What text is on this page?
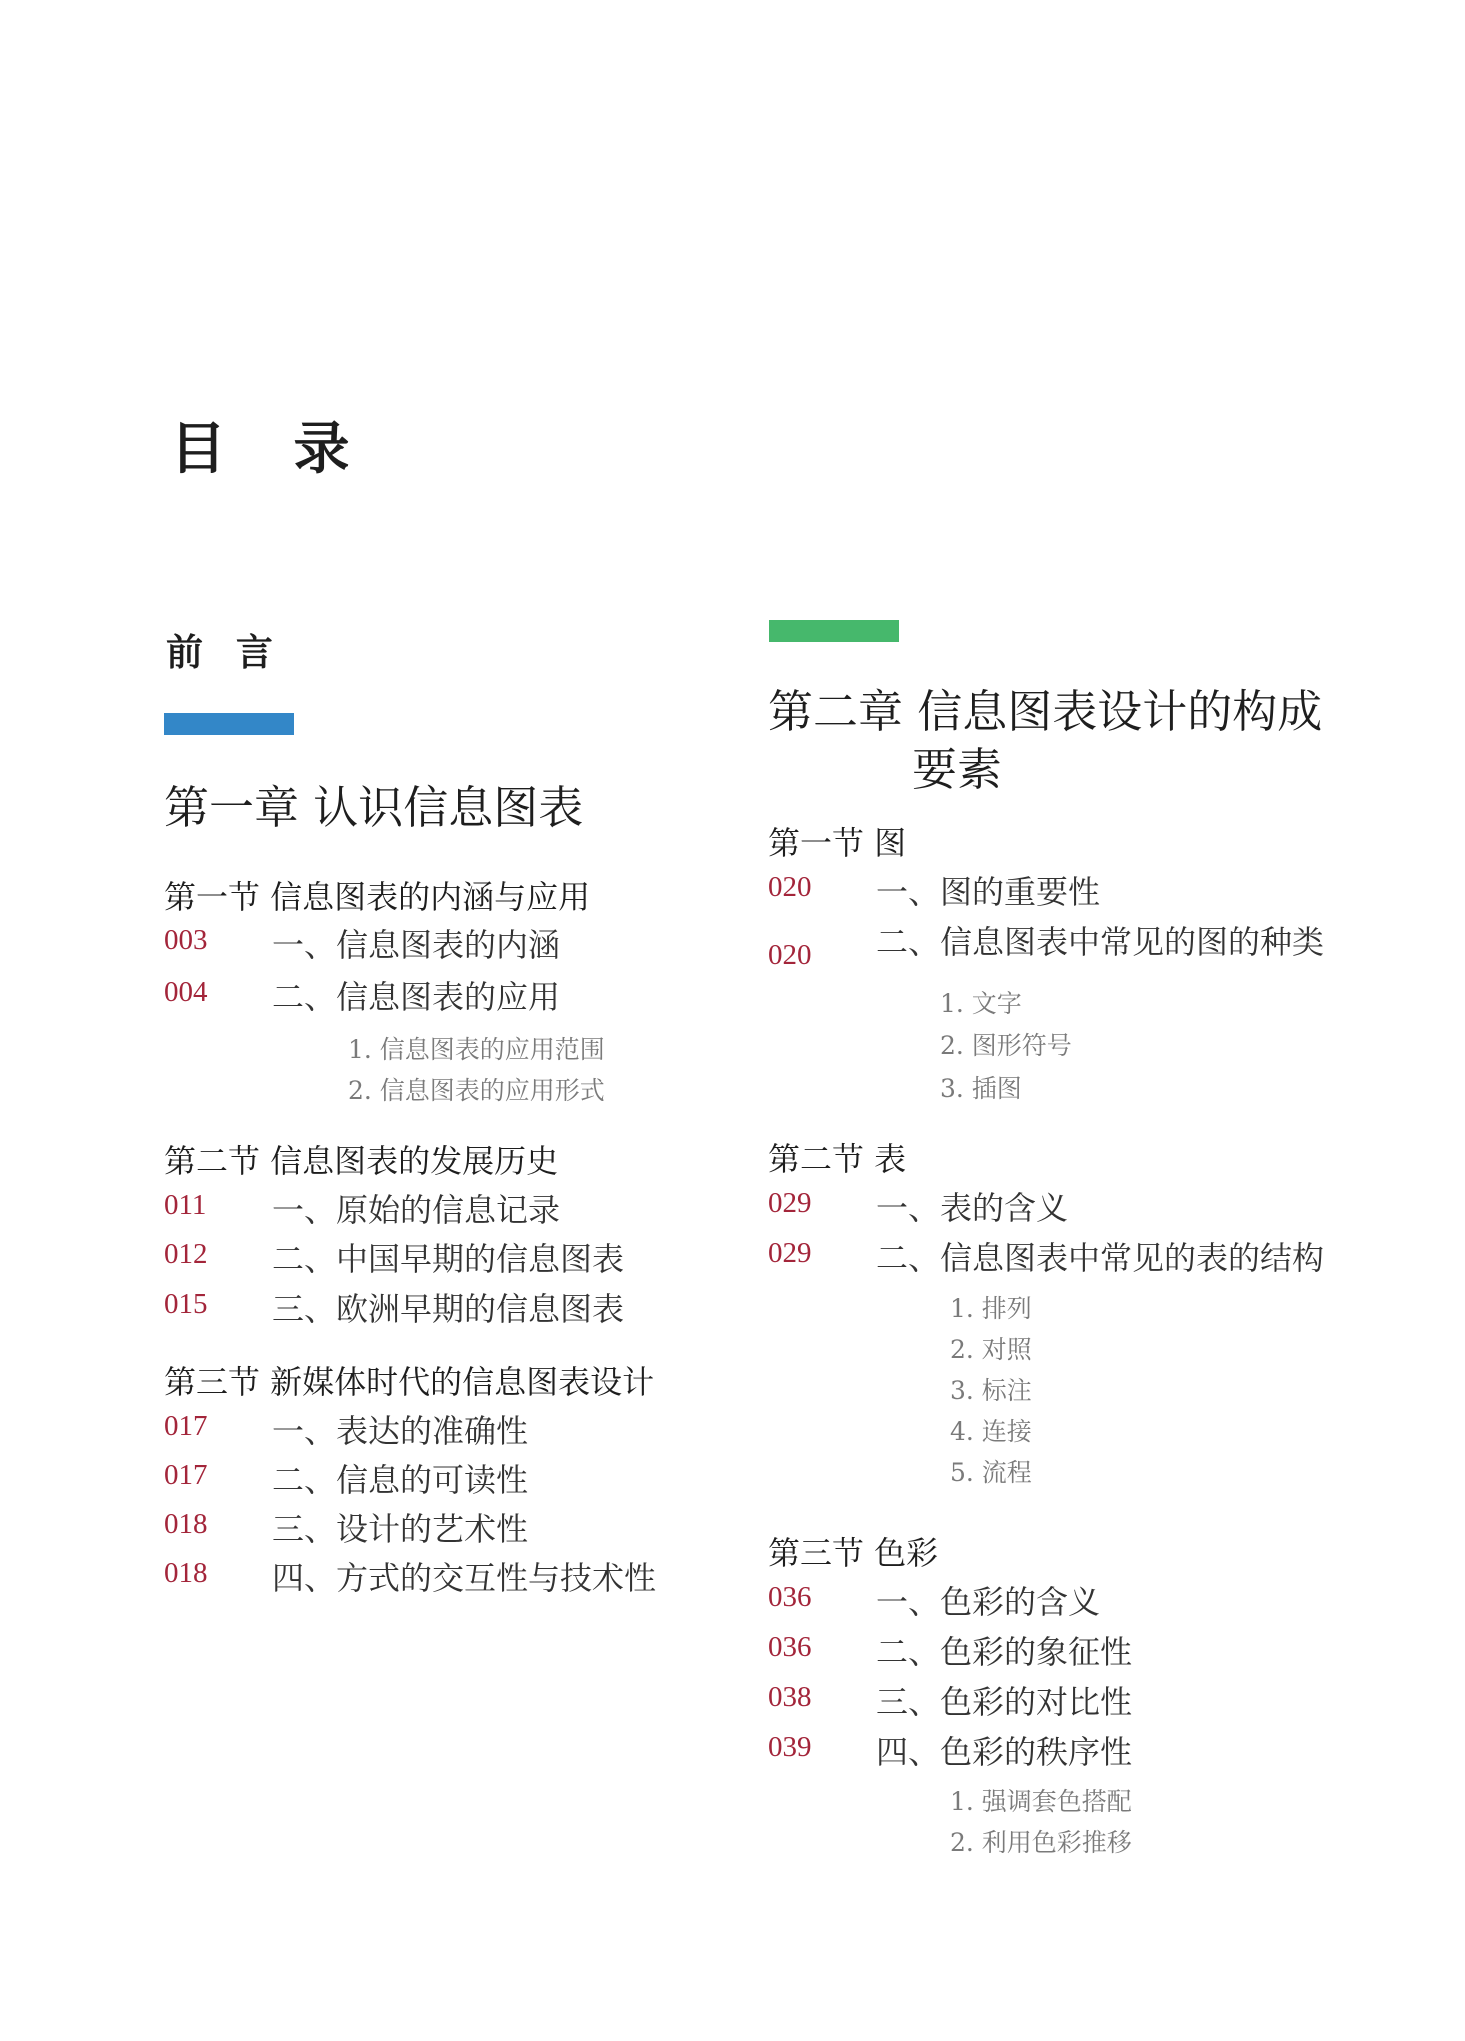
目 录
前 言
第一章 认识信息图表
第一节 信息图表的内涵与应用
003 一、信息图表的内涵
004 二、信息图表的应用
1. 信息图表的应用范围
2. 信息图表的应用形式
第二节 信息图表的发展历史
011 一、原始的信息记录
012 二、中国早期的信息图表
015 三、欧洲早期的信息图表
第三节 新媒体时代的信息图表设计
017 一、表达的准确性
017 二、信息的可读性
018 三、设计的艺术性
018 四、方式的交互性与技术性
第二章 信息图表设计的构成
要素
第一节 图
020 一、图的重要性
020 二、信息图表中常见的图的种类
1. 文字
2. 图形符号
3. 插图
第二节 表
029 一、表的含义
029 二、信息图表中常见的表的结构
1. 排列
2. 对照
3. 标注
4. 连接
5. 流程
第三节 色彩
036 一、色彩的含义
036 二、色彩的象征性
038 三、色彩的对比性
039 四、色彩的秩序性
1. 强调套色搭配
2. 利用色彩推移
